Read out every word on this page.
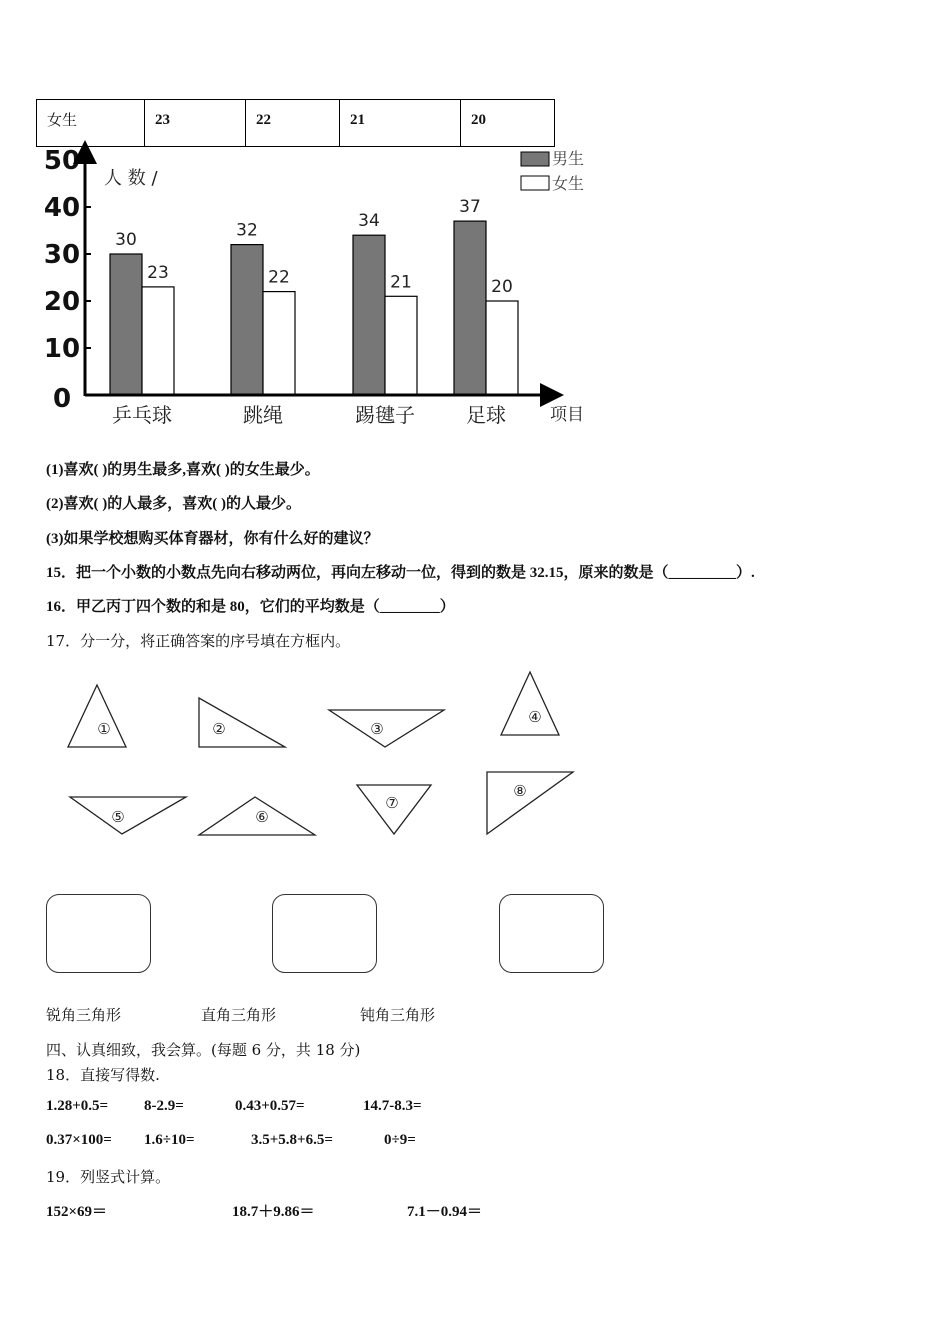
女生	23	22	21	20
0
10
20
30
40
50
30
23
32
22
34
21
37
20
乒乓球	跳绳	踢毽子	足球
人 数 /
项目
男生
女生
(1)喜欢( )的男生最多,喜欢( )的女生最少。
(2)喜欢( )的人最多，喜欢( )的人最少。
(3)如果学校想购买体育器材，你有什么好的建议？
15．把一个小数的小数点先向右移动两位，再向左移动一位，得到的数是 32.15，原来的数是（_________）.
16．甲乙丙丁四个数的和是 80，它们的平均数是（________）
17．分一分，将正确答案的序号填在方框内。
①	②	③
④
⑤	⑥
⑦
⑧
锐角三角形	直角三角形	钝角三角形
四、认真细致，我会算。(每题 6 分，共 18 分)
18．直接写得数.
1.28+0.5= 8-2.9=	0.43+0.57=	14.7-8.3=
0.37×100= 1.6÷10=	3.5+5.8+6.5=	0÷9=
19．列竖式计算。
152×69＝	18.7＋9.86＝	7.1－0.94＝
